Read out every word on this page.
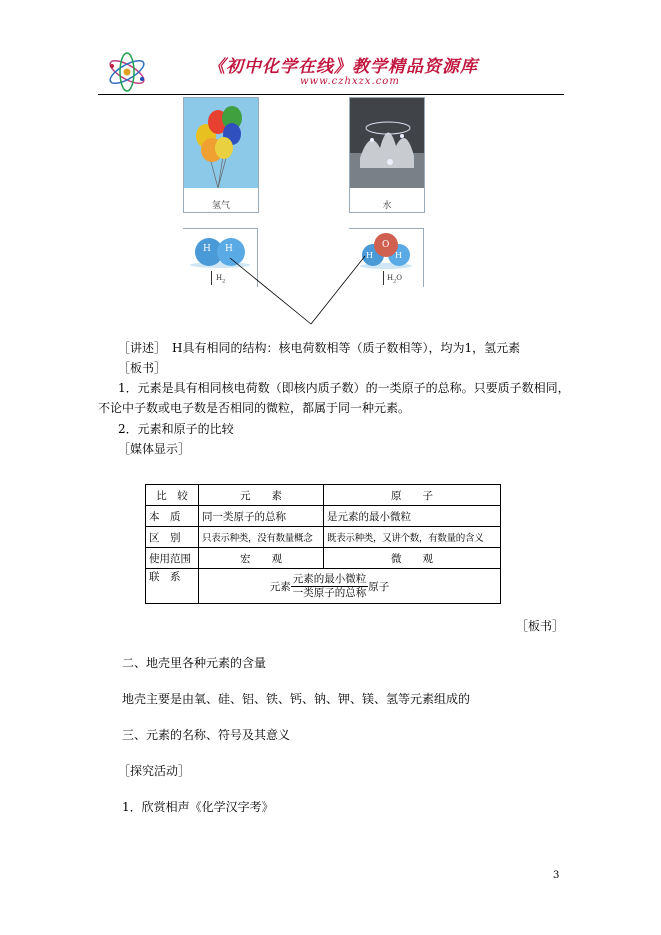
《初中化学在线》教学精品资源库
www.czhxzx.com
氢气	水
H H
$H_2$
O
H	H
$H_2O$
［讲述］　H具有相同的结构：核电荷数相等（质子数相等），均为1，氢元素
［板书］
1．元素是具有相同核电荷数（即核内质子数）的一类原子的总称。只要质子数相同，
不论中子数或电子数是否相同的微粒，都属于同一种元素。
2．元素和原子的比较
［媒体显示］
比　较	元　　素	原　　子
本　质	同一类原子的总称	是元素的最小微粒
区　别	只表示种类，没有数量概念	既表示种类，又讲个数，有数量的含义
使用范围	宏　　观	微　　观
联　系	元素 $\frac{\text{元素的最小微粒}}{\text{一类原子的总称}}$ 原子	
［板书］
二、地壳里各种元素的含量
地壳主要是由氧、硅、铝、铁、钙、钠、钾、镁、氢等元素组成的
三、元素的名称、符号及其意义
［探究活动］
1．欣赏相声《化学汉字考》
3
